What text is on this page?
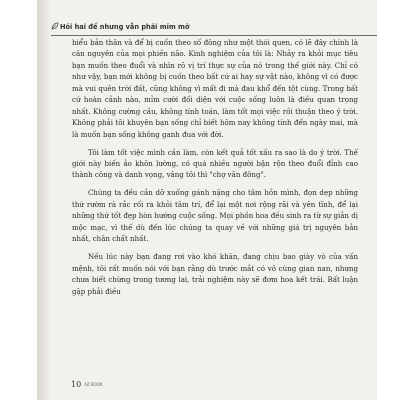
Hỏi hai để nhưng vẫn phải mỉm mở

hiểu bản thân và để bị cuốn theo số đông như một thói quen, có lẽ đây chính là căn nguyên của mọi phiền não. Kinh nghiệm của tôi là: Nhảy ra khỏi mục tiêu bạn muốn theo đuổi và nhìn rõ vị trí thực sự của nó trong thế giới này. Chỉ có như vậy, bạn mới không bị cuốn theo bất cứ ai hay sự vật nào, không vì có được mà vui quên trời đất, cũng không vì mất đi mà đau khổ đến tột cùng. Trong bất cứ hoàn cảnh nào, mỉm cười đối diện với cuộc sống luôn là điều quan trọng nhất. Không cường cầu, không tính toán, làm tốt mọi việc rồi thuận theo ý trời. Không phải tôi khuyên bạn sống chỉ biết hôm nay không tính đến ngày mai, mà là muốn bạn sống không ganh đua với đời.

Tôi làm tốt việc mình cần làm, còn kết quả tốt xấu ra sao là do ý trời. Thế giới này biến ảo khôn lường, có quá nhiều người bận rộn theo đuổi đỉnh cao thành công và danh vọng, vâng tôi thì "chợ vãn đông".

Chúng ta đều cần dỡ xuống gánh nặng cho tâm hồn mình, đọn dẹp những thứ rườm rà rắc rối ra khỏi tâm trí, để lại một nơi rộng rãi và yên tĩnh, để lại những thứ tốt đẹp hòn hướng cuộc sống. Mọi phồn hoa đều sinh ra từ sự giản dị mộc mạc, vì thế dù đến lúc chúng ta quay về với những giá trị nguyên bản nhất, chân chất nhất.

Nếu lúc này bạn đang rơi vào khó khăn, đang chịu bao giày vò của vấn mệnh, tôi rất muốn nói với bạn rằng dù trước mắt có vô cùng gian nan, nhưng chưa biết chừng trong tương lai, trải nghiệm này sẽ đơm hoa kết trái. Bất luận gặp phải điều

10 AZ BOOK
